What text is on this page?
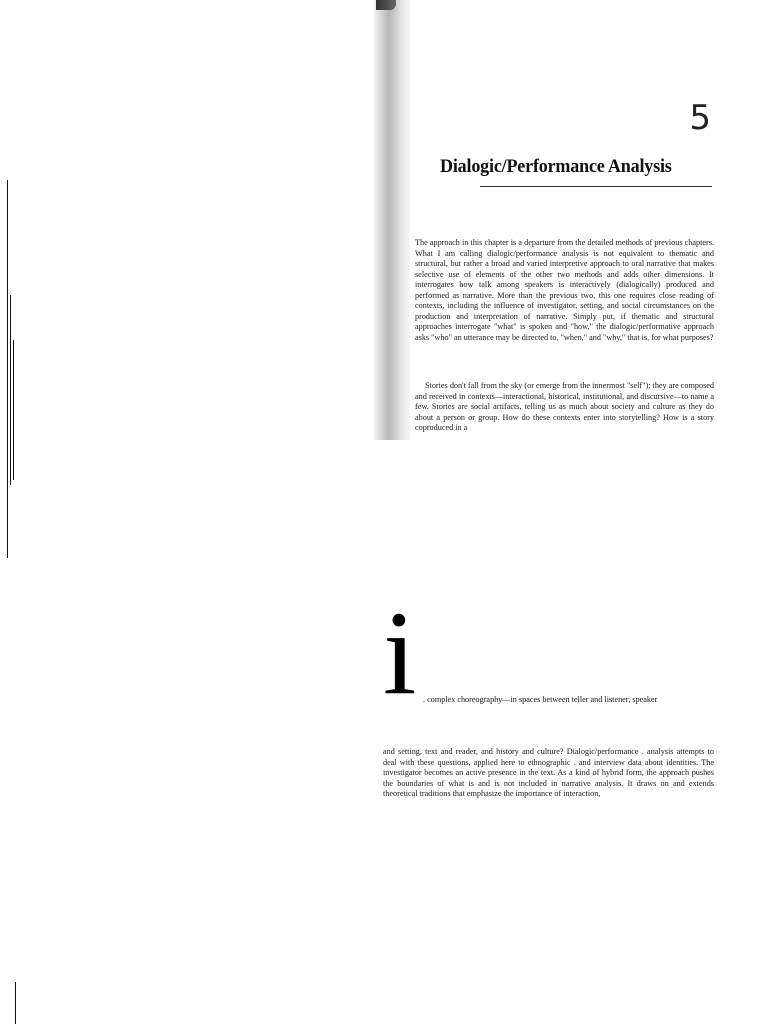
5
Dialogic/Performance Analysis

The approach in this chapter is a departure from the detailed methods of previous chapters. What I am calling dialogic/performance analysis is not equivalent to thematic and structural, but rather a broad and varied interpretive approach to oral narrative that makes selective use of elements of the other two methods and adds other dimensions. It interrogates how talk among speakers is interactively (dialogically) produced and performed as narrative. More than the previous two, this one requires close reading of contexts, including the influence of investigator, setting, and social circumstances on the production and interpretation of narrative. Simply put, if thematic and structural approaches interrogate "what" is spoken and "how," the dialogic/performative approach asks "who" an utterance may be directed to, "when," and "why," that is, for what purposes?

Stories don't fall from the sky (or emerge from the innermost "self"); they are composed and received in contexts—interactional, historical, institutional, and discursive—to name a few. Stories are social artifacts, telling us as much about society and culture as they do about a person or group. How do these contexts enter into storytelling? How is a story coproduced in a

i . complex choreography—in spaces between teller and listener, speaker

and setting, text and reader, and history and culture? Dialogic/performance . analysis attempts to deal with these questions, applied here to ethnographic . and interview data about identities. The investigator becomes an active presence in the text. As a kind of hybrid form, the approach pushes the boundaries of what is and is not included in narrative analysis. It draws on and extends theoretical traditions that emphasize the importance of interaction,
